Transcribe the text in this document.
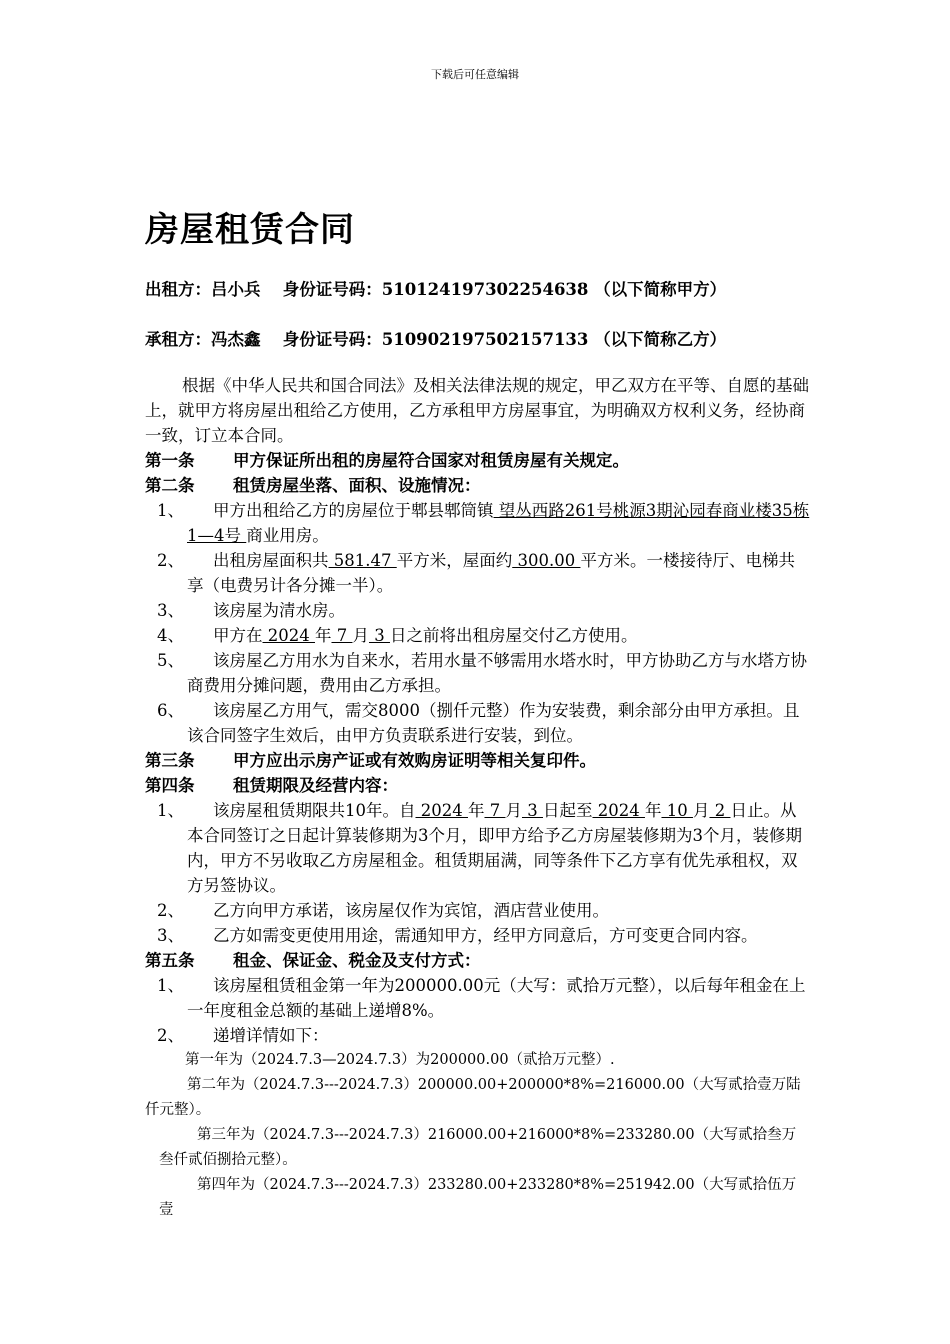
下载后可任意编辑
房屋租赁合同
出租方：吕小兵　 身份证号码：510124197302254638 （以下简称甲方）
承租方：冯杰鑫　 身份证号码：510902197502157133 （以下简称乙方）

根据《中华人民共和国合同法》及相关法律法规的规定，甲乙双方在平等、自愿的基础上，就甲方将房屋出租给乙方使用，乙方承租甲方房屋事宜，为明确双方权利义务，经协商一致，订立本合同。

第一条 甲方保证所出租的房屋符合国家对租赁房屋有关规定。

第二条 租赁房屋坐落、面积、设施情况：

1、	甲方出租给乙方的房屋位于郫县郫筒镇 望丛西路261号桃源3期沁园春商业楼35栋1—4号 商业用房。

2、	出租房屋面积共 581.47 平方米，屋面约 300.00 平方米。一楼接待厅、电梯共享（电费另计各分摊一半）。

3、	该房屋为清水房。

4、	甲方在 2024 年 7 月 3 日之前将出租房屋交付乙方使用。

5、	该房屋乙方用水为自来水，若用水量不够需用水塔水时，甲方协助乙方与水塔方协商费用分摊问题，费用由乙方承担。

6、	该房屋乙方用气，需交8000（捌仟元整）作为安装费，剩余部分由甲方承担。且该合同签字生效后，由甲方负责联系进行安装，到位。

第三条 甲方应出示房产证或有效购房证明等相关复印件。

第四条 租赁期限及经营内容：

1、	该房屋租赁期限共10年。自 2024 年 7 月 3 日起至 2024 年 10 月 2 日止。从本合同签订之日起计算装修期为3个月，即甲方给予乙方房屋装修期为3个月，装修期内，甲方不另收取乙方房屋租金。租赁期届满，同等条件下乙方享有优先承租权，双方另签协议。

2、	乙方向甲方承诺，该房屋仅作为宾馆，酒店营业使用。

3、	乙方如需变更使用用途，需通知甲方，经甲方同意后，方可变更合同内容。

第五条 租金、保证金、税金及支付方式：

1、	该房屋租赁租金第一年为200000.00元（大写：贰拾万元整），以后每年租金在上一年度租金总额的基础上递增8%。

2、	递增详情如下：

第一年为（2024.7.3—2024.7.3）为200000.00（贰拾万元整）.

第二年为（2024.7.3---2024.7.3）200000.00+200000*8%=216000.00（大写贰拾壹万陆仟元整）。

第三年为（2024.7.3---2024.7.3）216000.00+216000*8%=233280.00（大写贰拾叁万叁仟贰佰捌拾元整）。

第四年为（2024.7.3---2024.7.3）233280.00+233280*8%=251942.00（大写贰拾伍万壹
